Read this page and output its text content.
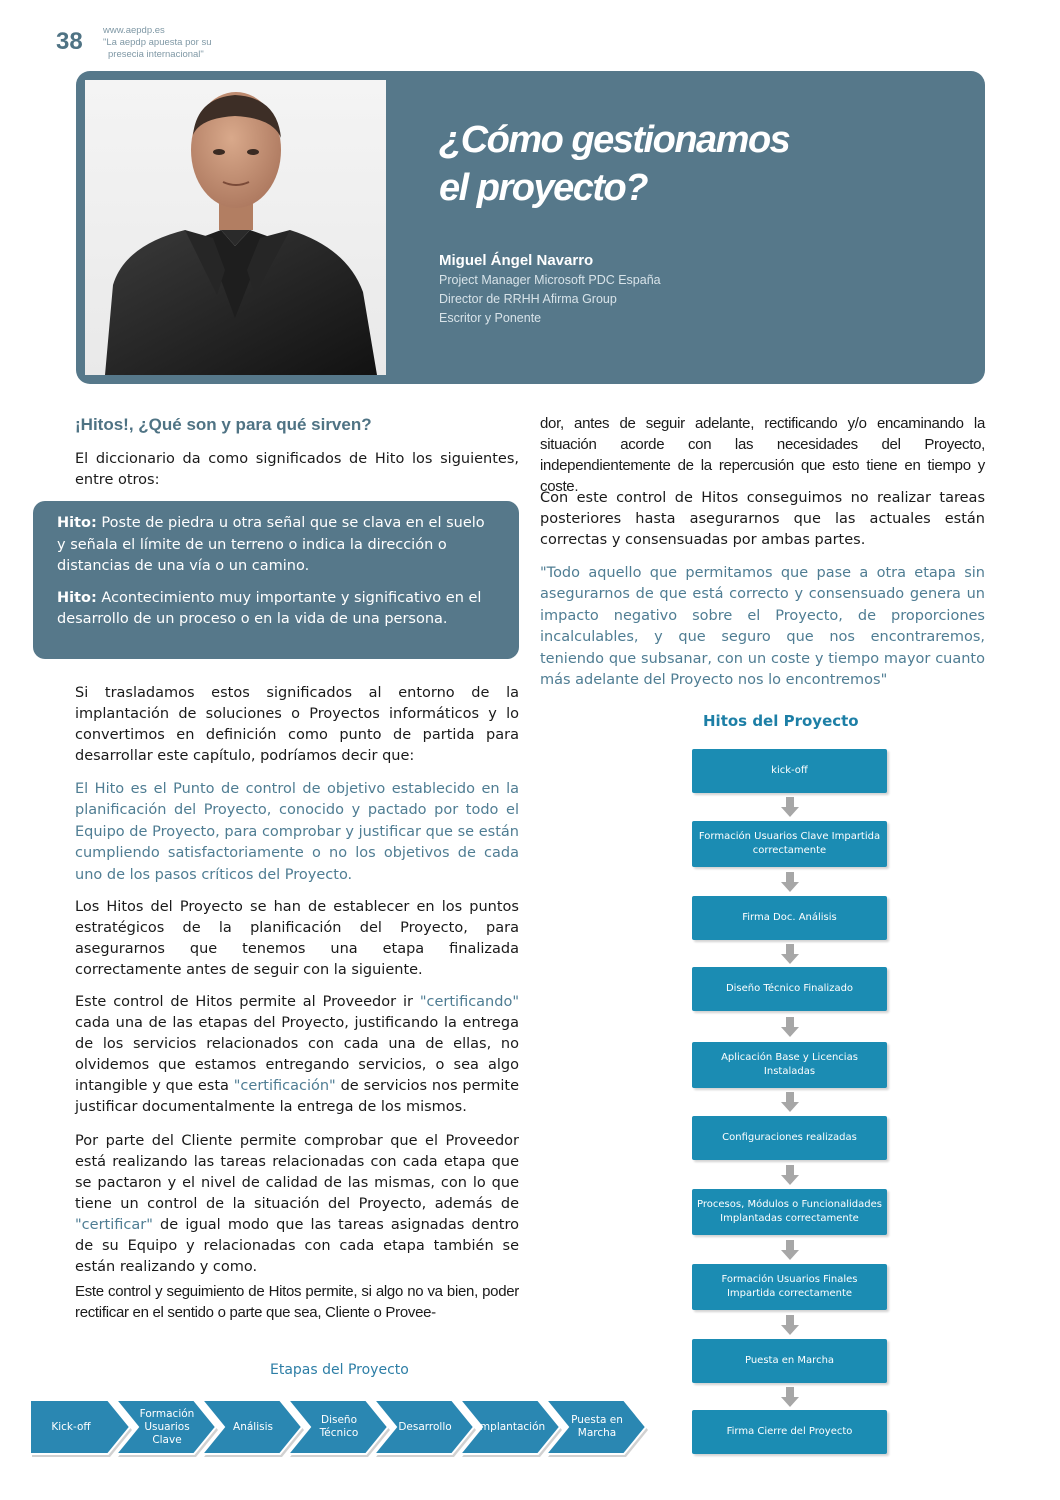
38 www.aepdp.es
"La aepdp apuesta por su
presecia internacional"
¿Cómo gestionamos
el proyecto?
Miguel Ángel Navarro
Project Manager Microsoft PDC España
Director de RRHH Afirma Group
Escritor y Ponente
¡Hitos!, ¿Qué son y para qué sirven?
El diccionario da como significados de Hito los siguientes, entre otros:

Hito: Poste de piedra u otra señal que se clava en el suelo y señala el límite de un terreno o indica la dirección o distancias de una vía o un camino.

Hito: Acontecimiento muy importante y significativo en el desarrollo de un proceso o en la vida de una persona.

Si trasladamos estos significados al entorno de la implantación de soluciones o Proyectos informáticos y lo convertimos en definición como punto de partida para desarrollar este capítulo, podríamos decir que:
El Hito es el Punto de control de objetivo establecido en la planificación del Proyecto, conocido y pactado por todo el Equipo de Proyecto, para comprobar y justificar que se están cumpliendo satisfactoriamente o no los objetivos de cada uno de los pasos críticos del Proyecto.
Los Hitos del Proyecto se han de establecer en los puntos estratégicos de la planificación del Proyecto, para asegurarnos que tenemos una etapa finalizada correctamente antes de seguir con la siguiente.
Este control de Hitos permite al Proveedor ir "certificando" cada una de las etapas del Proyecto, justificando la entrega de los servicios relacionados con cada una de ellas, no olvidemos que estamos entregando servicios, o sea algo intangible y que esta "certificación" de servicios nos permite justificar documentalmente la entrega de los mismos.
Por parte del Cliente permite comprobar que el Proveedor está realizando las tareas relacionadas con cada etapa que se pactaron y el nivel de calidad de las mismas, con lo que tiene un control de la situación del Proyecto, además de "certificar" de igual modo que las tareas asignadas dentro de su Equipo y relacionadas con cada etapa también se están realizando y como.
Este control y seguimiento de Hitos permite, si algo no va bien, poder rectificar en el sentido o parte que sea, Cliente o Provee-
dor, antes de seguir adelante, rectificando y/o encaminando la situación acorde con las necesidades del Proyecto, independientemente de la repercusión que esto tiene en tiempo y coste.
Con este control de Hitos conseguimos no realizar tareas posteriores hasta asegurarnos que las actuales están correctas y consensuadas por ambas partes.
"Todo aquello que permitamos que pase a otra etapa sin asegurarnos de que está correcto y consensuado genera un impacto negativo sobre el Proyecto, de proporciones incalculables, y que seguro que nos encontraremos, teniendo que subsanar, con un coste y tiempo mayor cuanto más adelante del Proyecto nos lo encontremos"
Hitos del Proyecto
kick-off
Formación Usuarios Clave Impartida correctamente
Firma Doc. Análisis
Diseño Técnico Finalizado
Aplicación Base y Licencias Instaladas
Configuraciones realizadas
Procesos, Módulos o Funcionalidades Implantadas correctamente
Formación Usuarios Finales Impartida correctamente
Puesta en Marcha
Firma Cierre del Proyecto
Etapas del Proyecto
Kick-off
Formación
Usuarios
Clave
Análisis
Diseño
Técnico
Desarrollo	Implantación
Puesta en
Marcha
